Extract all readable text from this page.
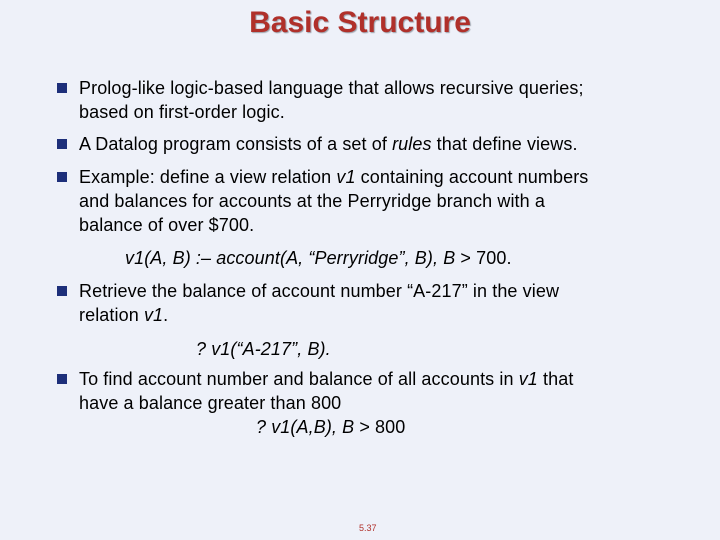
Basic Structure
Prolog-like logic-based language that allows recursive queries;
based on first-order logic.
A Datalog program consists of a set of rules that define views.
Example: define a view relation v1 containing account numbers
and balances for accounts at the Perryridge branch with a
balance of over $700.
v1(A, B) :– account(A, “Perryridge”, B), B > 700.
Retrieve the balance of account number “A-217” in the view
relation v1.
? v1(“A-217”, B).
To find account number and balance of all accounts in v1 that
have a balance greater than 800
? v1(A,B), B > 800
5.37
